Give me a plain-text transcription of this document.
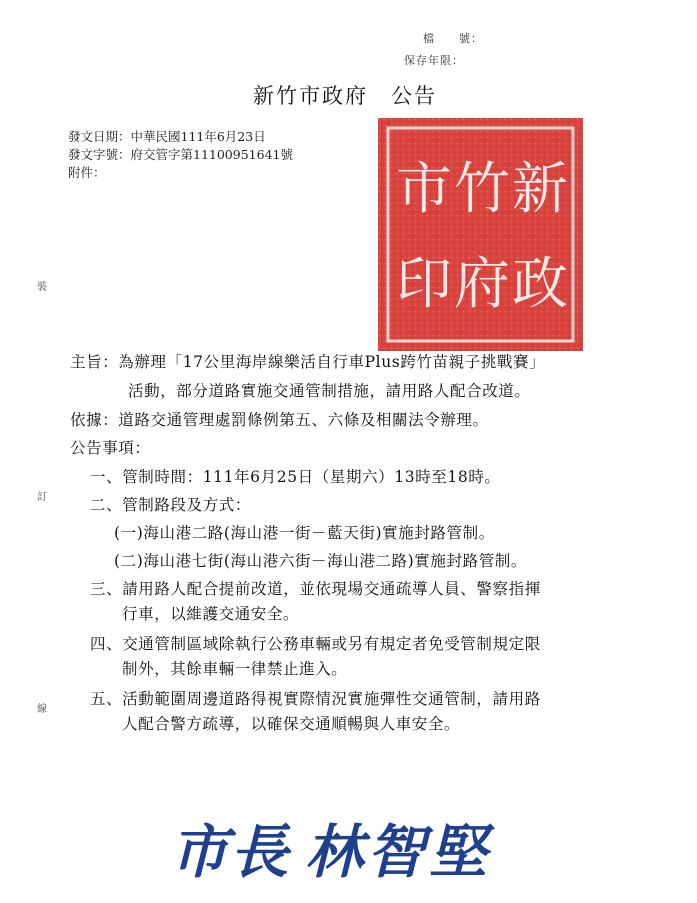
檔　　號：
保存年限：
新竹市政府　公告
發文日期：中華民國111年6月23日
發文字號：府交管字第11100951641號
附件：
裝
訂
線
新
竹
市
政
府
印
主旨：為辦理「17公里海岸線樂活自行車Plus跨竹苗親子挑戰賽」
活動，部分道路實施交通管制措施，請用路人配合改道。
依據：道路交通管理處罰條例第五、六條及相關法令辦理。
公告事項：
一、管制時間：111年6月25日（星期六）13時至18時。
二、管制路段及方式：
(一)海山港二路(海山港一街－藍天街)實施封路管制。
(二)海山港七街(海山港六街－海山港二路)實施封路管制。
三、請用路人配合提前改道，並依現場交通疏導人員、警察指揮
行車，以維護交通安全。
四、交通管制區域除執行公務車輛或另有規定者免受管制規定限
制外，其餘車輛一律禁止進入。
五、活動範圍周邊道路得視實際情況實施彈性交通管制，請用路
人配合警方疏導，以確保交通順暢與人車安全。
市長 林智堅
